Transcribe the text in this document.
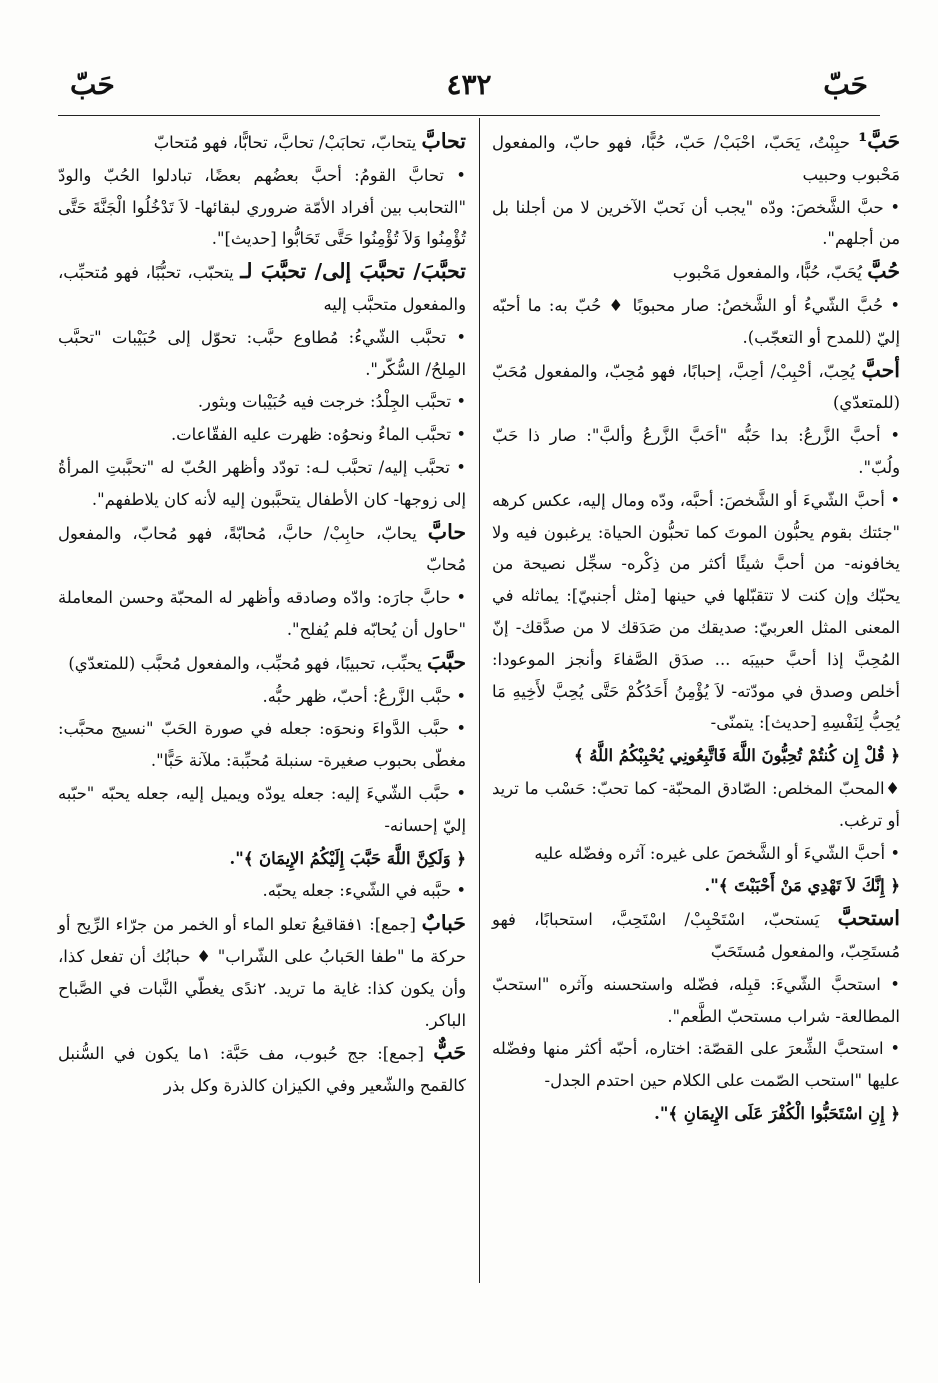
حَبّ
٤٣٢
حَبّ

حَبَّ¹ حبِبْتُ، يَحَبّ، احْبَبْ/ حَبّ، حُبًّا، فهو حابّ، والمفعول مَحْبوب وحبيب

• حبَّ الشَّخصَ: ودّه "يجب أن نَحبّ الآخرين لا من أجلنا بل من أجلهم".

حُبَّ يُحَبّ، حُبًّا، والمفعول مَحْبوب

• حُبَّ الشّيءُ أو الشَّخصُ: صار محبوبًا ♦ حُبّ به: ما أحبّه إليّ (للمدح أو التعجّب).

أحبَّ يُحِبّ، أحْبِبْ/ أحِبَّ، إحبابًا، فهو مُحِبّ، والمفعول مُحَبّ (للمتعدّي)

• أحبَّ الزَّرعُ: بدا حَبُّه "أحَبَّ الزَّرعُ وألبَّ": صار ذا حَبّ ولُبّ".

• أحبَّ الشّيءَ أو الشَّخصَ: أحبَّه، ودّه ومال إليه، عكس كرهه "جئتك بقوم يحبُّون الموتَ كما تحبُّون الحياة: يرغبون فيه ولا يخافونه- من أحبَّ شيئًا أكثر من ذِكْره- سجِّل نصيحة من يحبّك وإن كنت لا تتقبّلها في حينها [مثل أجنبيّ]: يماثله في المعنى المثل العربيّ: صديقك من صَدَقك لا من صدَّقك- إنّ المُحِبَّ إذا أحبَّ حبيبَه ... صدَق الصَّفاءَ وأنجز الموعودا: أخلص وصدق في مودّته- لاَ يُؤْمِنُ أَحَدُكُمْ حَتَّى يُحِبَّ لأَخِيهِ مَا يُحِبُّ لِنَفْسِهِ [حديث]: يتمنّى-

﴿ قُلْ إِن كُنتُمْ تُحِبُّونَ اللَّهَ فَاتَّبِعُونِي يُحْبِبْكُمُ اللَّهُ ﴾

♦المحبّ المخلص: الصّادق المحبّة- كما تحبّ: حَسْب ما تريد أو ترغب.

• أحبَّ الشّيءَ أو الشَّخصَ على غيره: آثره وفضّله عليه

﴿ إِنَّكَ لاَ تَهْدِي مَنْ أَحْبَبْتَ ﴾".

استحبَّ يَستحبّ، اسْتَحْبِبْ/ اسْتَحِبَّ، استحبابًا، فهو مُستَحِبّ، والمفعول مُستَحَبّ

• استحبَّ الشّيءَ: قبِله، فضّله واستحسنه وآثره "استحبّ المطالعة- شراب مستحبّ الطَّعم".

• استحبَّ الشِّعرَ على القصّة: اختاره، أحبّه أكثر منها وفضّله عليها "استحب الصّمت على الكلام حين احتدم الجدل-

﴿ إِنِ اسْتَحَبُّوا الْكُفْرَ عَلَى الإِيمَانِ ﴾".

تحابَّ يتحابّ، تحابَبْ/ تحابَّ، تحابًّا، فهو مُتحابّ

• تحابَّ القومُ: أحبَّ بعضُهم بعضًا، تبادلوا الحُبّ والودّ "التحابب بين أفراد الأمّة ضروري لبقائها- لاَ تَدْخُلُوا الْجَنَّةَ حَتَّى تُؤْمِنُوا وَلاَ تُؤْمِنُوا حَتَّى تَحَابُّوا [حديث]".

تحبَّبَ/ تحبَّبَ إلى/ تحبَّبَ لـ يتحبّب، تحبُّبًا، فهو مُتحبِّب، والمفعول متحبَّب إليه

• تحبَّب الشّيءُ: مُطاوع حبَّب: تحوّل إلى حُبَيْبات "تحبَّب المِلحُ/ السُّكّر".

• تحبَّب الجِلْدُ: خرجت فيه حُبَيْبات وبثور.

• تحبَّب الماءُ ونحوُه: ظهرت عليه الفقّاعات.

• تحبَّب إليه/ تحبَّب لـه: تودّد وأظهر الحُبّ له "تحبَّبتِ المرأةُ إلى زوجها- كان الأطفال يتحبَّبون إليه لأنه كان يلاطفهم".

حابَّ يحابّ، حابِبْ/ حابَّ، مُحابّةً، فهو مُحابّ، والمفعول مُحابّ

• حابَّ جارَه: وادّه وصادقه وأظهر له المحبّة وحسن المعاملة "حاول أن يُحابّه فلم يُفلح".

حبَّبَ يحبِّب، تحبيبًا، فهو مُحبِّب، والمفعول مُحبَّب (للمتعدّي)

• حبَّب الزَّرعُ: أحبّ، ظهر حبُّه.

• حبَّب الدَّواءَ ونحوَه: جعله في صورة الحَبّ "نسيج محبَّب: مغطّى بحبوب صغيرة- سنبلة مُحبِّبة: ملآنة حَبًّا".

• حبَّب الشّيءَ إليه: جعله يودّه ويميل إليه، جعله يحبّه "حبّبه إليّ إحسانه-

﴿ وَلَكِنَّ اللَّهَ حَبَّبَ إِلَيْكُمُ الإِيمَانَ ﴾".

• حبَّبه في الشّيء: جعله يحبّه.

حَبابٌ [جمع]: ١فقاقيعُ تعلو الماء أو الخمر من جرّاء الرِّيح أو حركة ما "طفا الحَبابُ على الشّراب" ♦ حبابُك أن تفعل كذا، وأن يكون كذا: غاية ما تريد. ٢ندًى يغطّي النَّبات في الصَّباح الباكر.

حَبٌّ [جمع]: جج حُبوب، مف حَبَّة: ١ما يكون في السُّنبل كالقمح والشّعير وفي الكيزان كالذرة وكل بذر
